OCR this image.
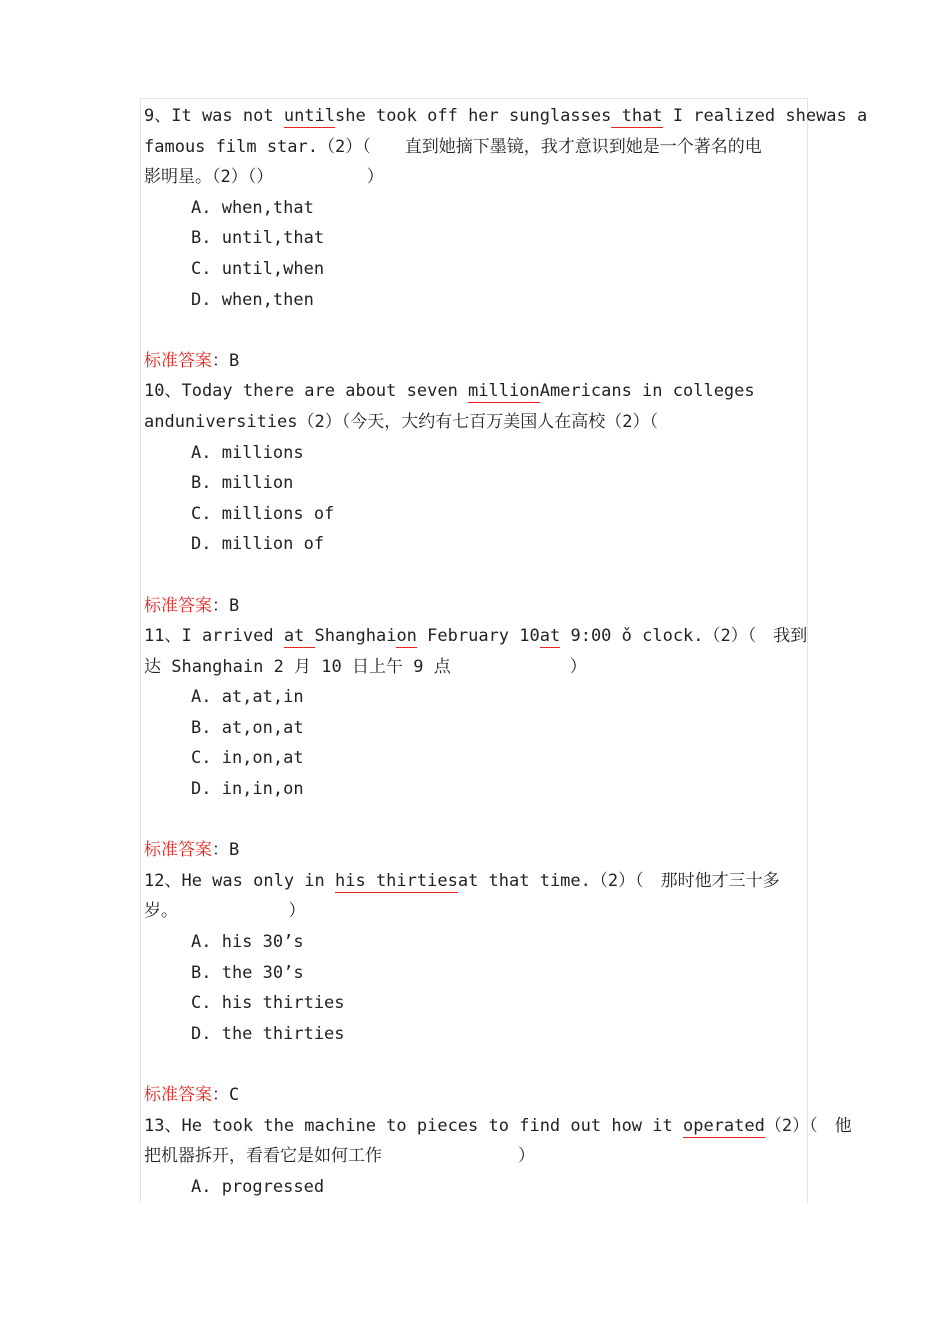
9、It was not untilshe took off her sunglasses that I realized shewas a
famous film star.（2）（　　直到她摘下墨镜，我才意识到她是一个著名的电
影明星。（2）（）　　　　　　）
A. when,that
B. until,that
C. until,when
D. when,then
标准答案：B
10、Today there are about seven millionAmericans in colleges
anduniversities（2）（今天，大约有七百万美国人在高校（2）（
A. millions
B. million
C. millions of
D. million of
标准答案：B
11、I arrived at Shanghaion February 10at 9:00 ǒ clock.（2）（　我到
达 Shanghain 2 月 10 日上午 9 点　　　　　　　）
A. at,at,in
B. at,on,at
C. in,on,at
D. in,in,on
标准答案：B
12、He was only in his thirtiesat that time.（2）（　那时他才三十多
岁。　　　　　　　）
A. his 30’s
B. the 30’s
C. his thirties
D. the thirties
标准答案：C
13、He took the machine to pieces to find out how it operated（2）（　他
把机器拆开，看看它是如何工作　　　　　　　　）
A. progressed
